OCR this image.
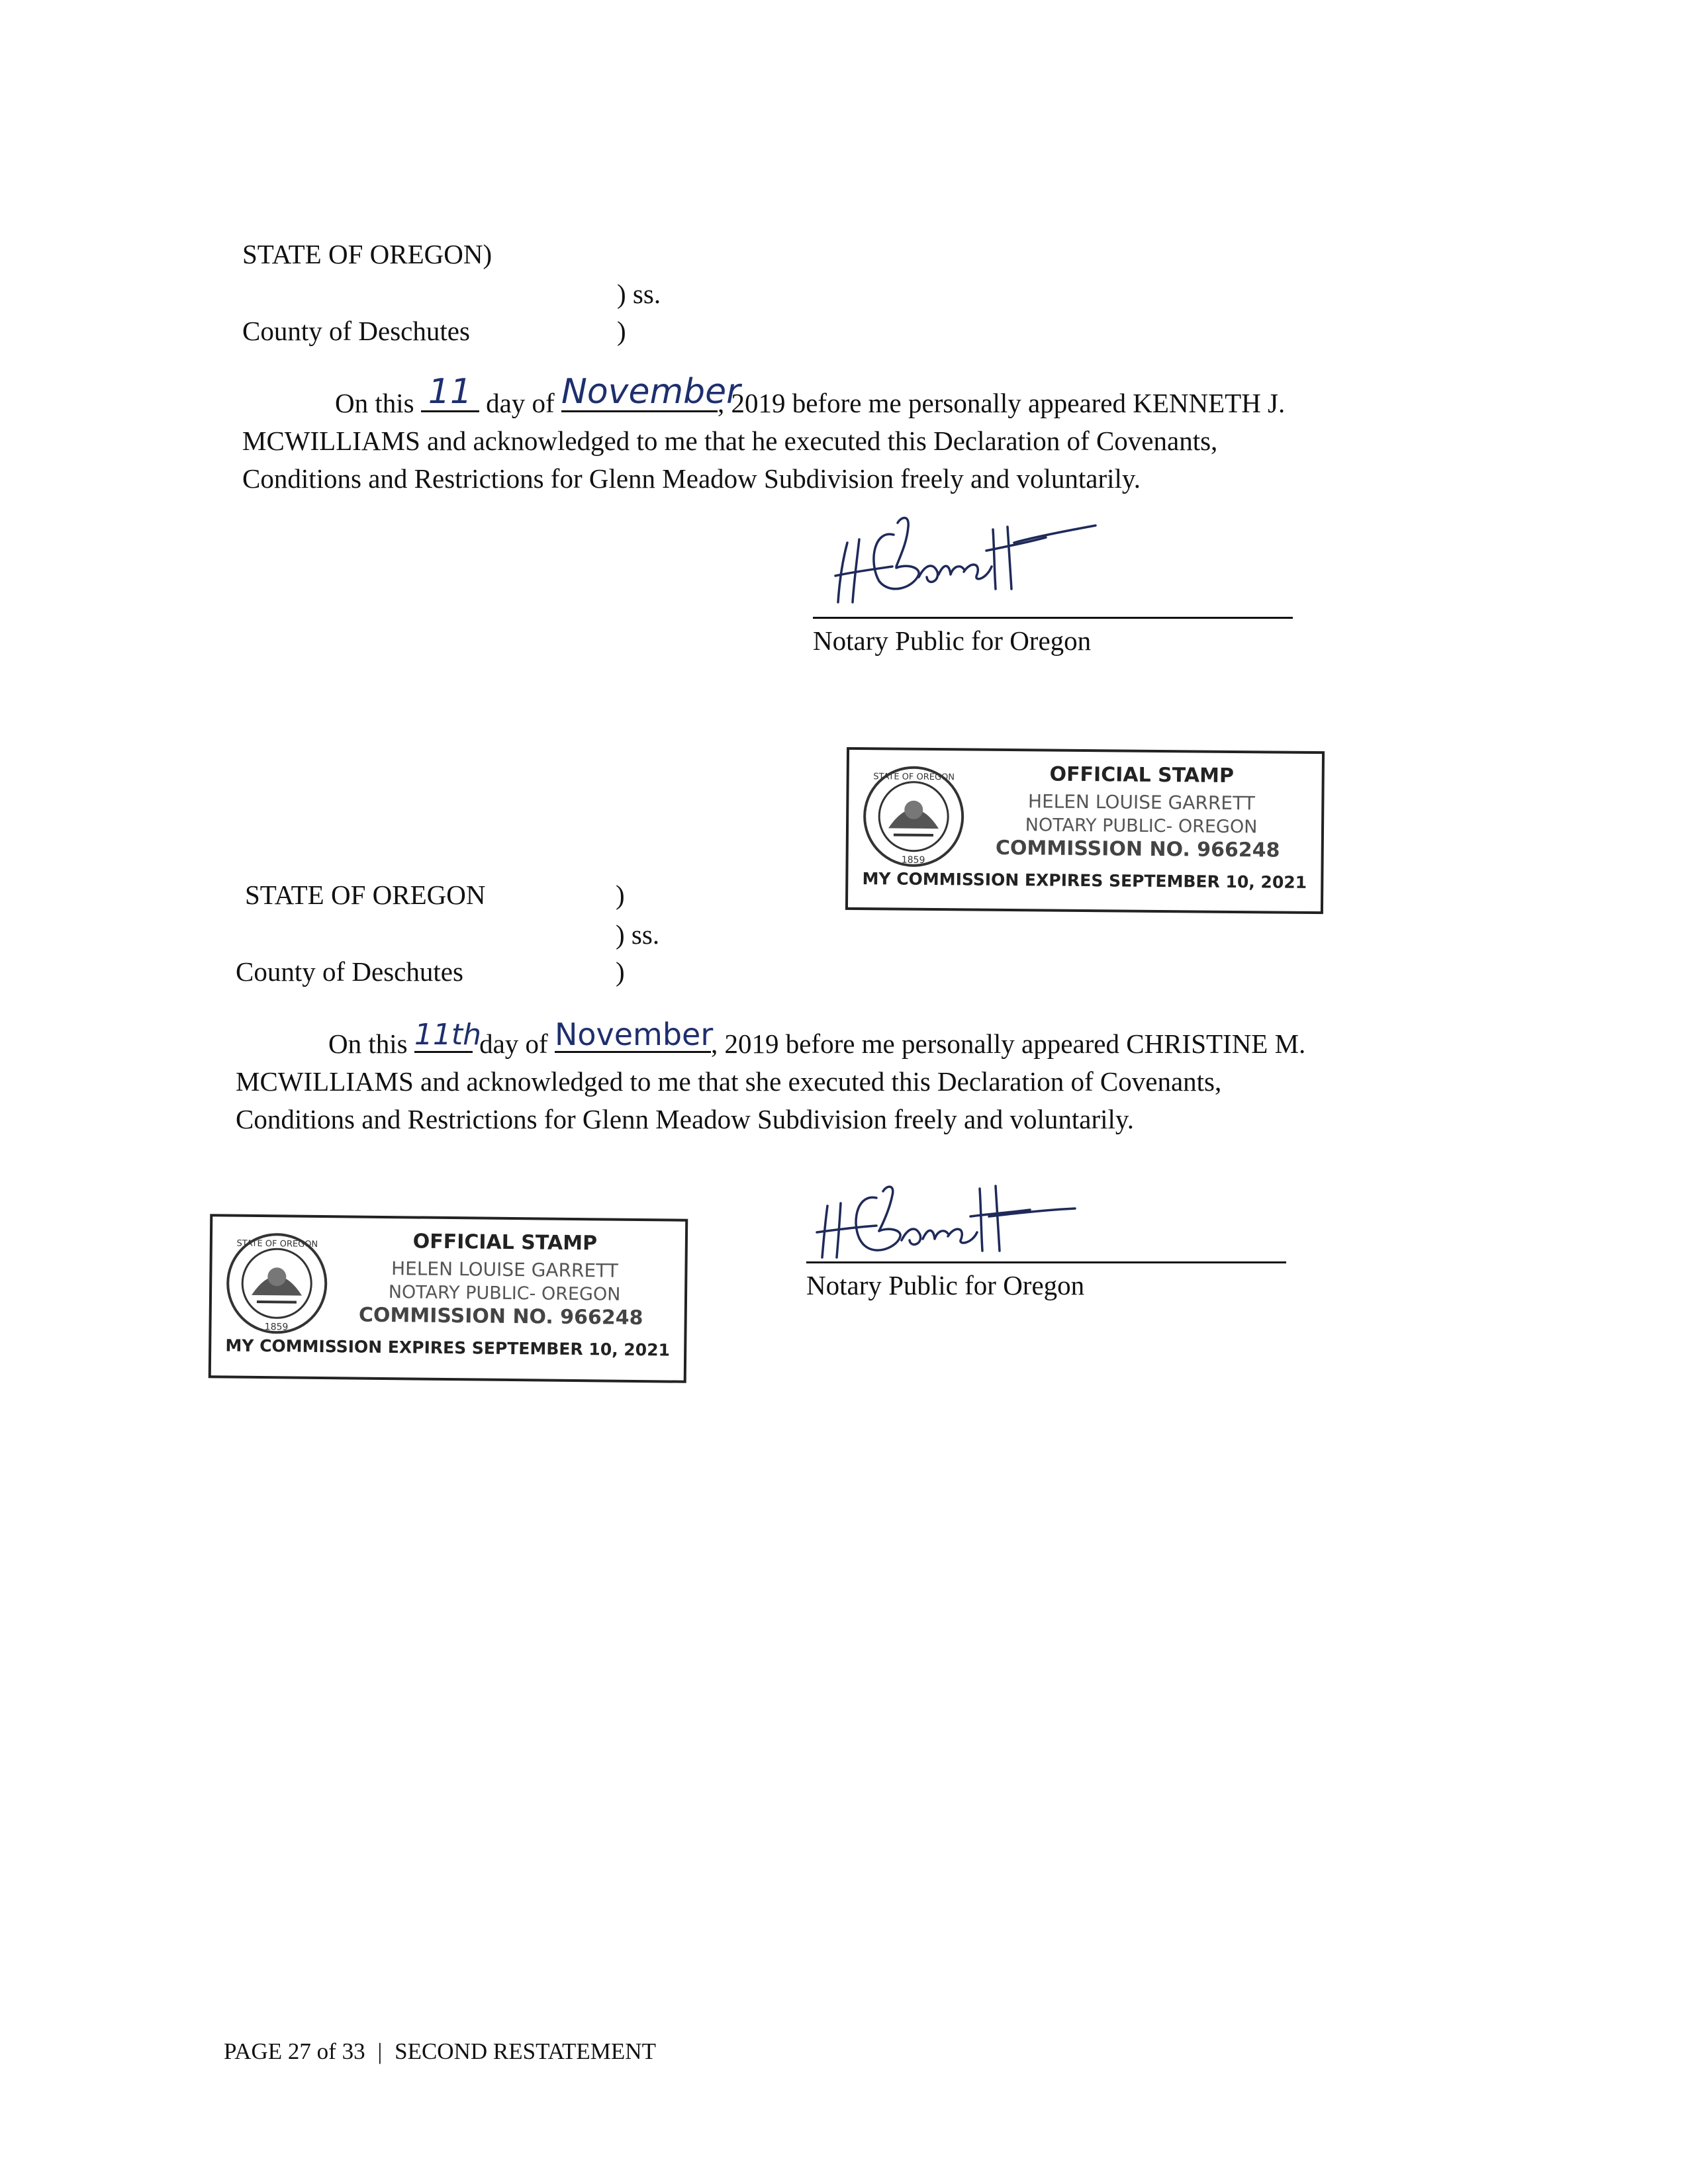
STATE OF OREGON)
) ss.
County of Deschutes	)
On this 11 day of November
, 2019 before me personally appeared KENNETH J.
MCWILLIAMS and acknowledged to me that he executed this Declaration of Covenants,
Conditions and Restrictions for Glenn Meadow Subdivision freely and voluntarily.
HGarrett
Notary Public for Oregon
1859
STATE OF OREGON	OFFICIAL STAMP
HELEN LOUISE GARRETT
NOTARY PUBLIC- OREGON
COMMISSION NO. 966248
MY COMMISSION EXPIRES SEPTEMBER 10, 2021
STATE OF OREGON	)
) ss.
County of Deschutes	)
On this 11th
day of November
, 2019 before me personally appeared CHRISTINE M.
MCWILLIAMS and acknowledged to me that she executed this Declaration of Covenants,
Conditions and Restrictions for Glenn Meadow Subdivision freely and voluntarily.
1859
STATE OF OREGON	OFFICIAL STAMP
HELEN LOUISE GARRETT
NOTARY PUBLIC- OREGON
COMMISSION NO. 966248
MY COMMISSION EXPIRES SEPTEMBER 10, 2021
HGarrett
Notary Public for Oregon
PAGE 27 of 33 | SECOND RESTATEMENT
